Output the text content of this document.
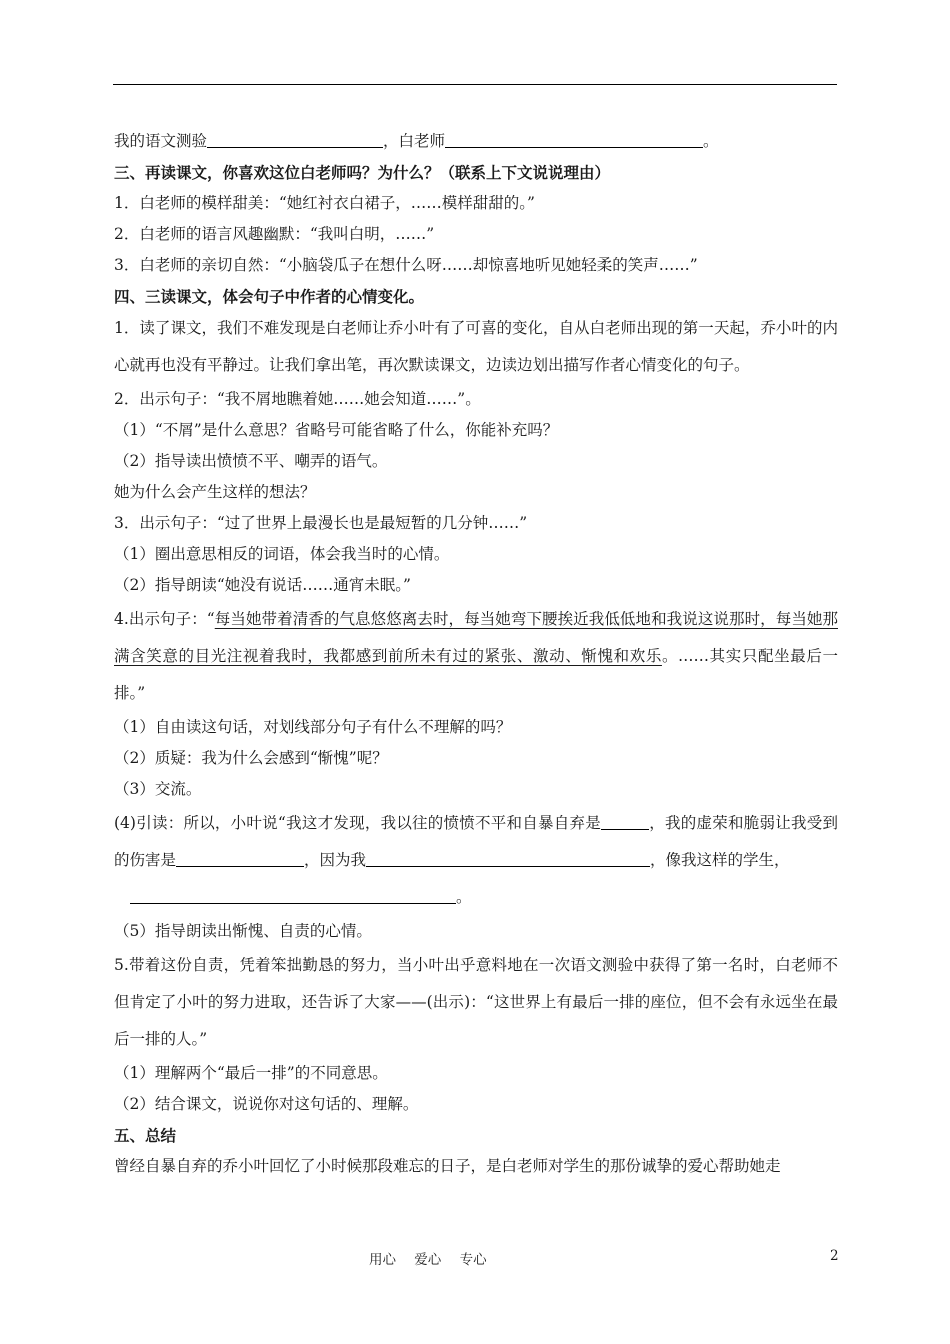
我的语文测验	，白老师	。
三、再读课文，你喜欢这位白老师吗？为什么？（联系上下文说说理由）
1．白老师的模样甜美：“她红衬衣白裙子，……模样甜甜的。”
2．白老师的语言风趣幽默：“我叫白明，……”
3．白老师的亲切自然：“小脑袋瓜子在想什么呀……却惊喜地听见她轻柔的笑声……”
四、三读课文，体会句子中作者的心情变化。
1．读了课文，我们不难发现是白老师让乔小叶有了可喜的变化，自从白老师出现的第一天起，乔小叶的内心就再也没有平静过。让我们拿出笔，再次默读课文，边读边划出描写作者心情变化的句子。
2．出示句子：“我不屑地瞧着她……她会知道……”。
（1）“不屑”是什么意思？省略号可能省略了什么，你能补充吗？
（2）指导读出愤愤不平、嘲弄的语气。
她为什么会产生这样的想法？
3．出示句子：“过了世界上最漫长也是最短暂的几分钟……”
（1）圈出意思相反的词语，体会我当时的心情。
（2）指导朗读“她没有说话……通宵未眠。”
4.出示句子：“每当她带着清香的气息悠悠离去时，每当她弯下腰挨近我低低地和我说这说那时，每当她那满含笑意的目光注视着我时，我都感到前所未有过的紧张、激动、惭愧和欢乐。……其实只配坐最后一排。”
（1）自由读这句话，对划线部分句子有什么不理解的吗？
（2）质疑：我为什么会感到“惭愧”呢？
（3）交流。
(4)引读：所以，小叶说“我这才发现，我以往的愤愤不平和自暴自弃是	，我的虚荣和脆弱让我受到的伤害是	，因为我	，像我这样的学生，
。
（5）指导朗读出惭愧、自责的心情。
5.带着这份自责，凭着笨拙勤恳的努力，当小叶出乎意料地在一次语文测验中获得了第一名时，白老师不但肯定了小叶的努力进取，还告诉了大家——(出示)：“这世界上有最后一排的座位，但不会有永远坐在最后一排的人。”
（1）理解两个“最后一排”的不同意思。
（2）结合课文，说说你对这句话的、理解。
五、总结
曾经自暴自弃的乔小叶回忆了小时候那段难忘的日子，是白老师对学生的那份诚挚的爱心帮助她走
用心 爱心 专心	2
